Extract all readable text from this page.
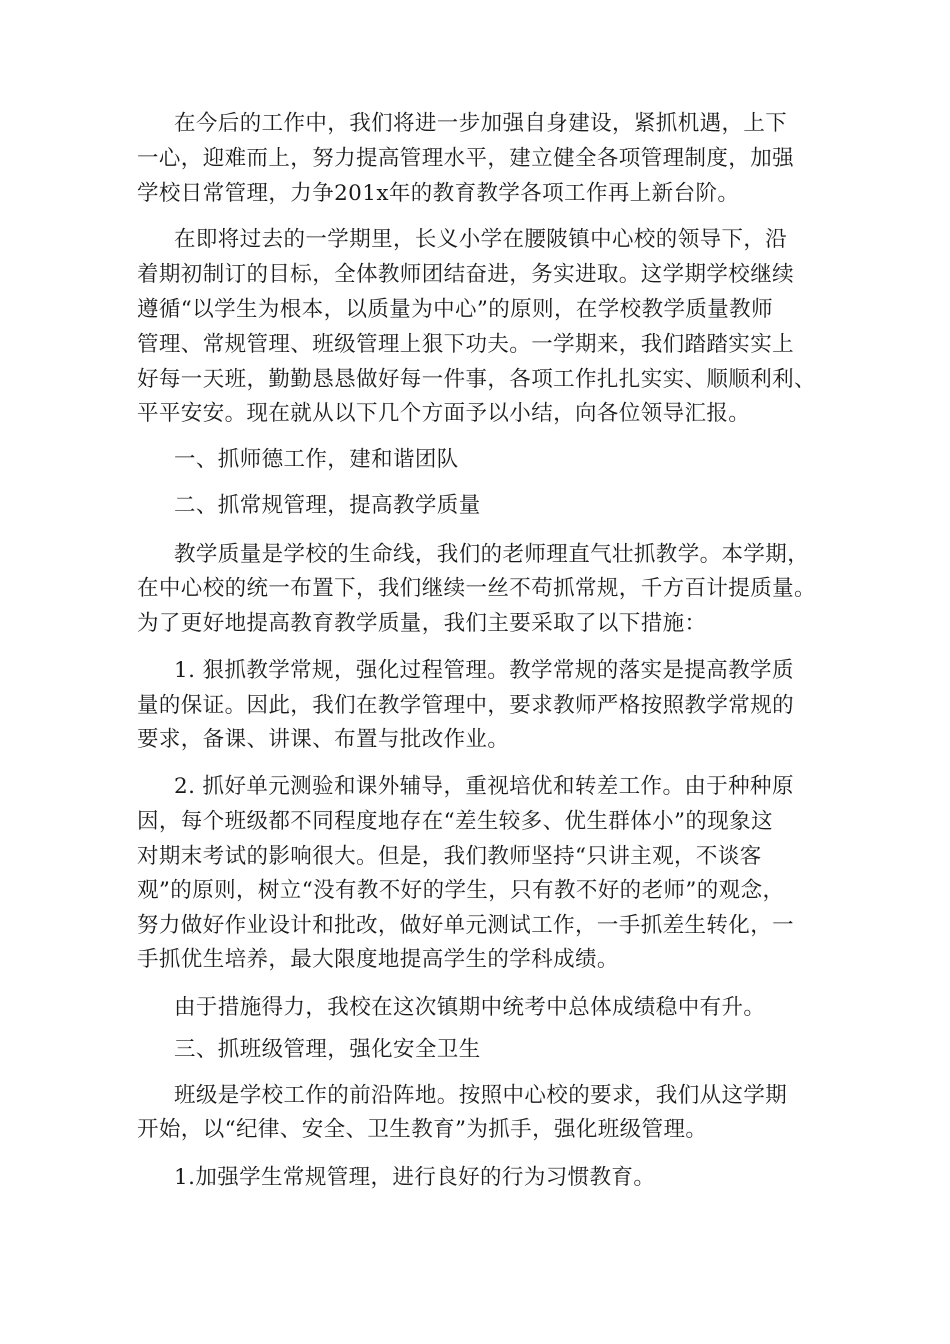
在今后的工作中，我们将进一步加强自身建设，紧抓机遇，上下
一心，迎难而上，努力提高管理水平，建立健全各项管理制度，加强
学校日常管理，力争201x年的教育教学各项工作再上新台阶。
在即将过去的一学期里，长义小学在腰陂镇中心校的领导下，沿
着期初制订的目标，全体教师团结奋进，务实进取。这学期学校继续
遵循“以学生为根本，以质量为中心”的原则，在学校教学质量教师
管理、常规管理、班级管理上狠下功夫。一学期来，我们踏踏实实上
好每一天班，勤勤恳恳做好每一件事，各项工作扎扎实实、顺顺利利、
平平安安。现在就从以下几个方面予以小结，向各位领导汇报。
一、抓师德工作，建和谐团队
二、抓常规管理，提高教学质量
教学质量是学校的生命线，我们的老师理直气壮抓教学。本学期，
在中心校的统一布置下，我们继续一丝不苟抓常规，千方百计提质量。
为了更好地提高教育教学质量，我们主要采取了以下措施：
1. 狠抓教学常规，强化过程管理。教学常规的落实是提高教学质
量的保证。因此，我们在教学管理中，要求教师严格按照教学常规的
要求，备课、讲课、布置与批改作业。
2. 抓好单元测验和课外辅导，重视培优和转差工作。由于种种原
因，每个班级都不同程度地存在“差生较多、优生群体小”的现象这
对期末考试的影响很大。但是，我们教师坚持“只讲主观，不谈客
观”的原则，树立“没有教不好的学生，只有教不好的老师”的观念，
努力做好作业设计和批改，做好单元测试工作，一手抓差生转化，一
手抓优生培养，最大限度地提高学生的学科成绩。
由于措施得力，我校在这次镇期中统考中总体成绩稳中有升。
三、抓班级管理，强化安全卫生
班级是学校工作的前沿阵地。按照中心校的要求，我们从这学期
开始，以“纪律、安全、卫生教育”为抓手，强化班级管理。
1.加强学生常规管理，进行良好的行为习惯教育。
